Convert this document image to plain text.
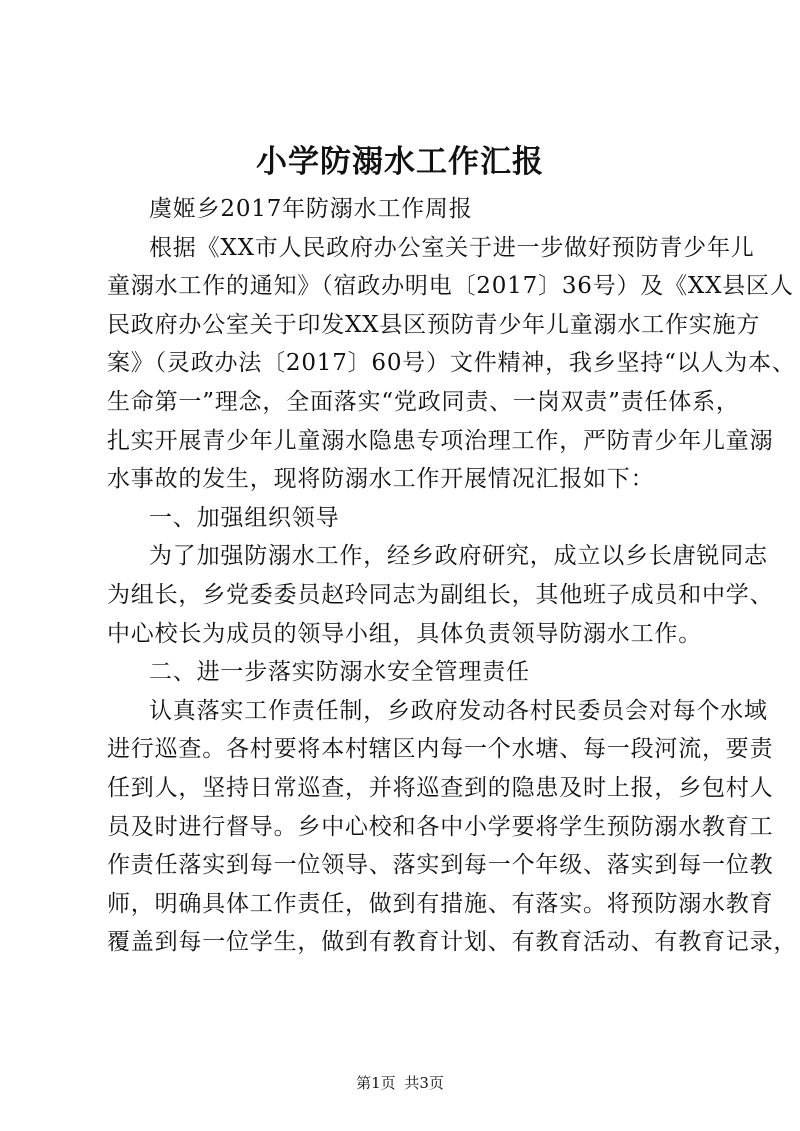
小学防溺水工作汇报
虞姬乡2017年防溺水工作周报
根据《XX市人民政府办公室关于进一步做好预防青少年儿
童溺水工作的通知》（宿政办明电〔2017〕36号）及《XX县区人
民政府办公室关于印发XX县区预防青少年儿童溺水工作实施方
案》（灵政办法〔2017〕60号）文件精神，我乡坚持“以人为本、
生命第一”理念，全面落实“党政同责、一岗双责”责任体系，
扎实开展青少年儿童溺水隐患专项治理工作，严防青少年儿童溺
水事故的发生，现将防溺水工作开展情况汇报如下：
一、加强组织领导
为了加强防溺水工作，经乡政府研究，成立以乡长唐锐同志
为组长，乡党委委员赵玲同志为副组长，其他班子成员和中学、
中心校长为成员的领导小组，具体负责领导防溺水工作。
二、进一步落实防溺水安全管理责任
认真落实工作责任制，乡政府发动各村民委员会对每个水域
进行巡查。各村要将本村辖区内每一个水塘、每一段河流，要责
任到人，坚持日常巡查，并将巡查到的隐患及时上报，乡包村人
员及时进行督导。乡中心校和各中小学要将学生预防溺水教育工
作责任落实到每一位领导、落实到每一个年级、落实到每一位教
师，明确具体工作责任，做到有措施、有落实。将预防溺水教育
覆盖到每一位学生，做到有教育计划、有教育活动、有教育记录，
第1页 共3页
